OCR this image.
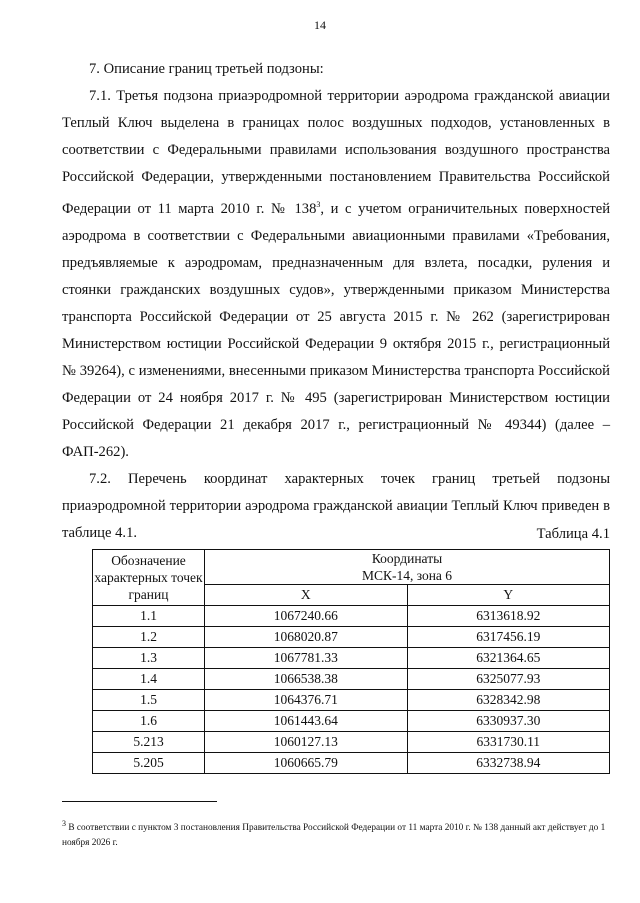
14
7. Описание границ третьей подзоны:

7.1. Третья подзона приаэродромной территории аэродрома гражданской авиации Теплый Ключ выделена в границах полос воздушных подходов, установленных в соответствии с Федеральными правилами использования воздушного пространства Российской Федерации, утвержденными постановлением Правительства Российской Федерации от 11 марта 2010 г. № $138^3$, и с учетом ограничительных поверхностей аэродрома в соответствии с Федеральными авиационными правилами «Требования, предъявляемые к аэродромам, предназначенным для взлета, посадки, руления и стоянки гражданских воздушных судов», утвержденными приказом Министерства транспорта Российской Федерации от 25 августа 2015 г. № 262 (зарегистрирован Министерством юстиции Российской Федерации 9 октября 2015 г., регистрационный № 39264), с изменениями, внесенными приказом Министерства транспорта Российской Федерации от 24 ноября 2017 г. № 495 (зарегистрирован Министерством юстиции Российской Федерации 21 декабря 2017 г., регистрационный № 49344) (далее – ФАП-262).

7.2. Перечень координат характерных точек границ третьей подзоны приаэродромной территории аэродрома гражданской авиации Теплый Ключ приведен в таблице 4.1.	Таблица 4.1
Обозначение характерных точек границ	Координаты
МСК-14, зона 6	

	X	Y
1.1	1067240.66	6313618.92
1.2	1068020.87	6317456.19
1.3	1067781.33	6321364.65
1.4	1066538.38	6325077.93
1.5	1064376.71	6328342.98
1.6	1061443.64	6330937.30
5.213	1060127.13	6331730.11
5.205	1060665.79	6332738.94
$^3$ В соответствии с пунктом 3 постановления Правительства Российской Федерации от 11 марта 2010 г. № 138 данный акт действует до 1 ноября 2026 г.
